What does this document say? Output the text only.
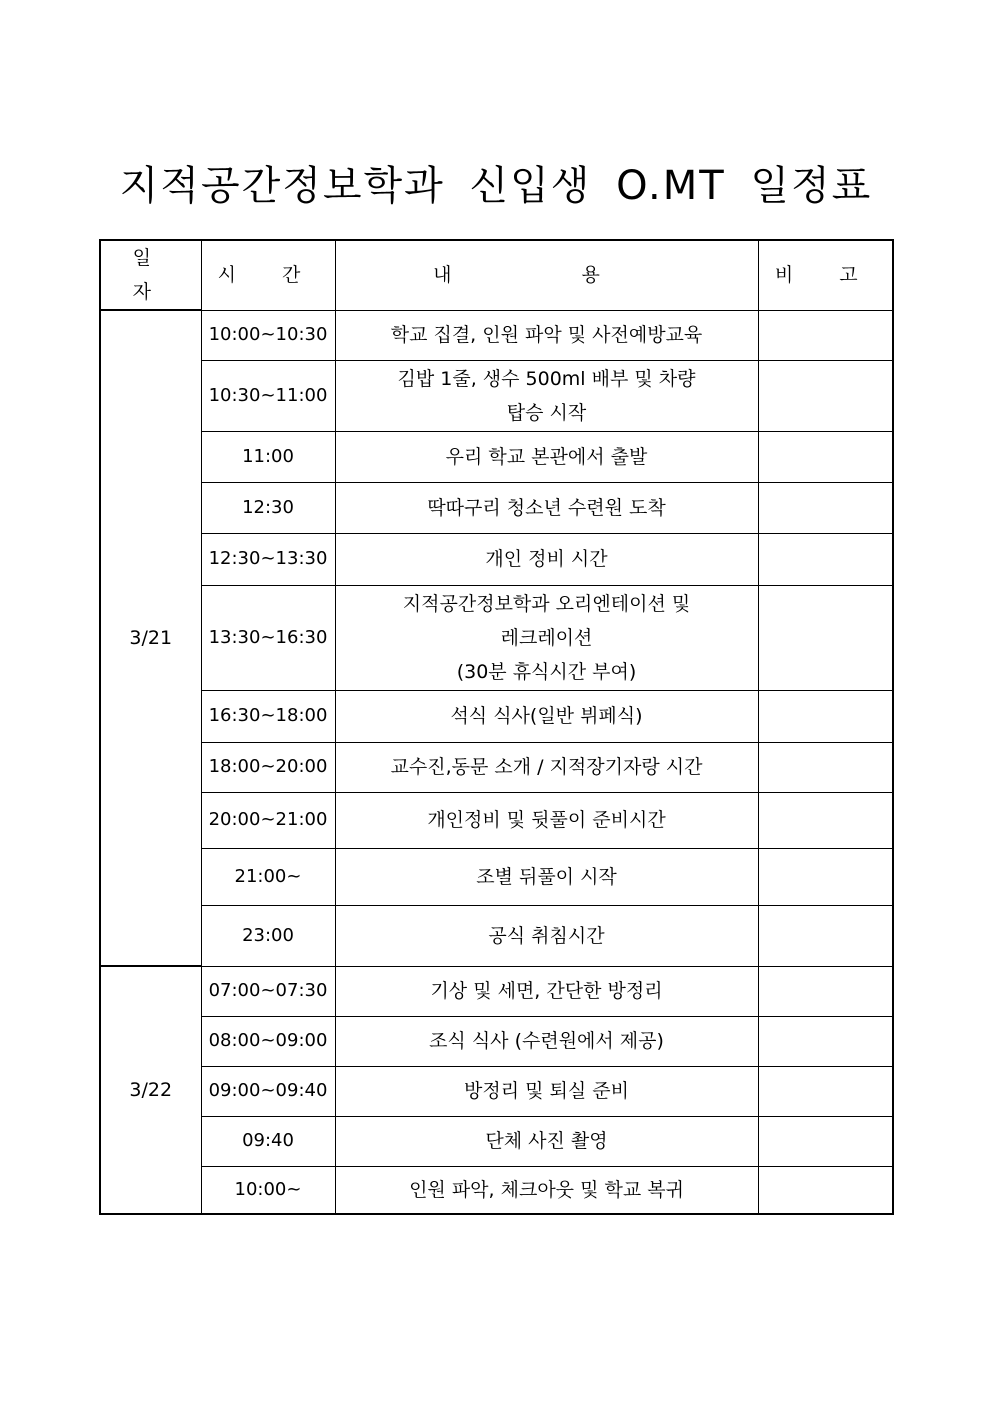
지적공간정보학과 신입생 O.MT 일정표
일 자	시 간	내 용	비 고
3/21	10:00~10:30	학교 집결, 인원 파악 및 사전예방교육	

	10:30~11:00	김밥 1줄, 생수 500ml 배부 및 차량
탑승 시작	

	11:00	우리 학교 본관에서 출발	

	12:30	딱따구리 청소년 수련원 도착	

	12:30~13:30	개인 정비 시간	

	13:30~16:30	지적공간정보학과 오리엔테이션 및
레크레이션
(30분 휴식시간 부여)	

	16:30~18:00	석식 식사(일반 뷔페식)	

	18:00~20:00	교수진,동문 소개 / 지적장기자랑 시간	

	20:00~21:00	개인정비 및 뒷풀이 준비시간	

	21:00~	조별 뒤풀이 시작	

	23:00	공식 취침시간	

3/22	07:00~07:30	기상 및 세면, 간단한 방정리	

	08:00~09:00	조식 식사 (수련원에서 제공)	

	09:00~09:40	방정리 및 퇴실 준비	

	09:40	단체 사진 촬영	

	10:00~	인원 파악, 체크아웃 및 학교 복귀	
